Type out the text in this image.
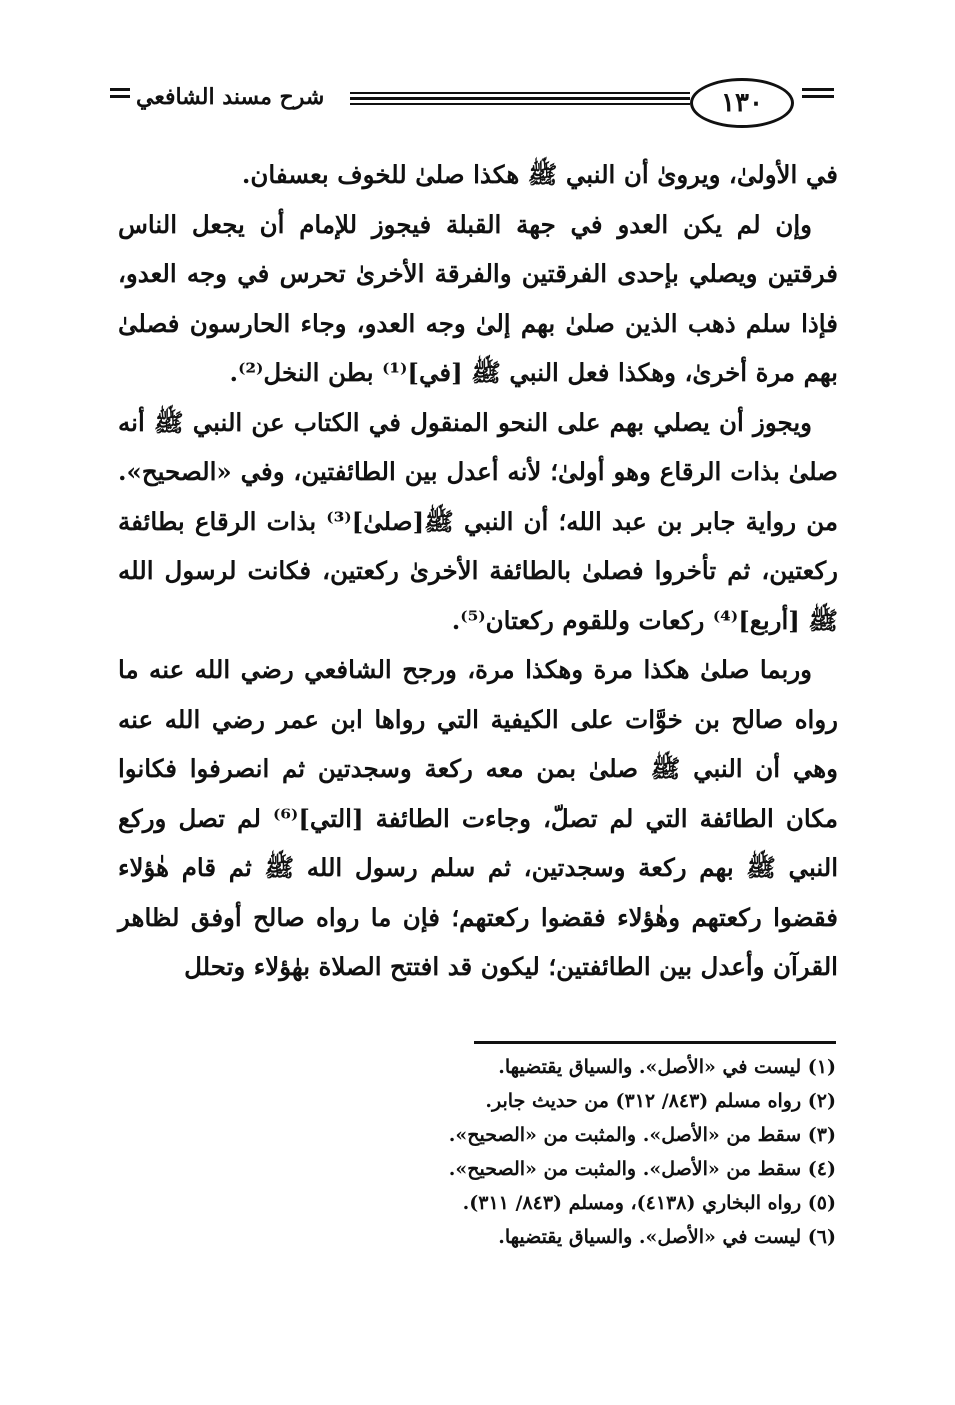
شرح مسند الشافعي	١٣٠

في الأولىٰ، ويروىٰ أن النبي ﷺ هكذا صلىٰ للخوف بعسفان.

وإن لم يكن العدو في جهة القبلة فيجوز للإمام أن يجعل الناس فرقتين ويصلي بإحدى الفرقتين والفرقة الأخرىٰ تحرس في وجه العدو، فإذا سلم ذهب الذين صلىٰ بهم إلىٰ وجه العدو، وجاء الحارسون فصلىٰ بهم مرة أخرىٰ، وهكذا فعل النبي ﷺ [في]⁽¹⁾ بطن النخل⁽²⁾.

ويجوز أن يصلي بهم على النحو المنقول في الكتاب عن النبي ﷺ أنه صلىٰ بذات الرقاع وهو أولىٰ؛ لأنه أعدل بين الطائفتين، وفي «الصحيح». من رواية جابر بن عبد الله؛ أن النبي ﷺ[صلىٰ]⁽³⁾ بذات الرقاع بطائفة ركعتين، ثم تأخروا فصلىٰ بالطائفة الأخرىٰ ركعتين، فكانت لرسول الله ﷺ [أربع]⁽⁴⁾ ركعات وللقوم ركعتان⁽⁵⁾.

وربما صلىٰ هكذا مرة وهكذا مرة، ورجح الشافعي رضي الله عنه ما رواه صالح بن خوَّات على الكيفية التي رواها ابن عمر رضي الله عنه وهي أن النبي ﷺ صلىٰ بمن معه ركعة وسجدتين ثم انصرفوا فكانوا مكان الطائفة التي لم تصلّ، وجاءت الطائفة [التي]⁽⁶⁾ لم تصل وركع النبي ﷺ بهم ركعة وسجدتين، ثم سلم رسول الله ﷺ ثم قام هٰؤلاء فقضوا ركعتهم وهٰؤلاء فقضوا ركعتهم؛ فإن ما رواه صالح أوفق لظاهر القرآن وأعدل بين الطائفتين؛ ليكون قد افتتح الصلاة بهٰؤلاء وتحلل

(١) ليست في «الأصل». والسياق يقتضيها.

(٢) رواه مسلم (٨٤٣/ ٣١٢) من حديث جابر.

(٣) سقط من «الأصل». والمثبت من «الصحيح».

(٤) سقط من «الأصل». والمثبت من «الصحيح».

(٥) رواه البخاري (٤١٣٨)، ومسلم (٨٤٣/ ٣١١).

(٦) ليست في «الأصل». والسياق يقتضيها.
